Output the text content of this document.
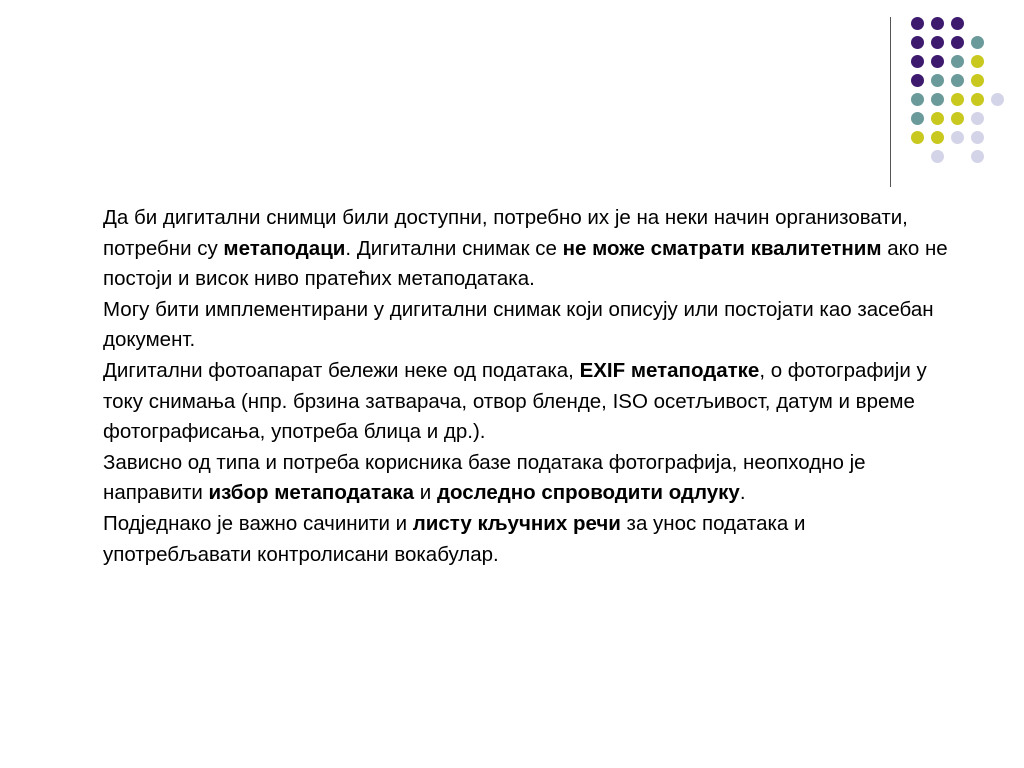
Да би дигитални снимци били доступни, потребно их је на неки начин организовати, потребни су метаподаци. Дигитални снимак се не може сматрати квалитетним ако не постоји и висок ниво пратећих метаподатака.

Могу бити имплементирани у дигитални снимак који описују или постојати као засебан документ.

Дигитални фотоапарат бележи неке од података, EXIF метаподатке, о фотографији у току снимања (нпр. брзина затварача, отвор бленде, ISO осетљивост, датум и време фотографисања, употреба блица и др.).

Зависно од типа и потреба корисника базе података фотографија, неопходно је направити избор метаподатака и доследно спроводити одлуку.

Подједнако је важно сачинити и листу кључних речи за унос података и употребљавати контролисани вокабулар.
